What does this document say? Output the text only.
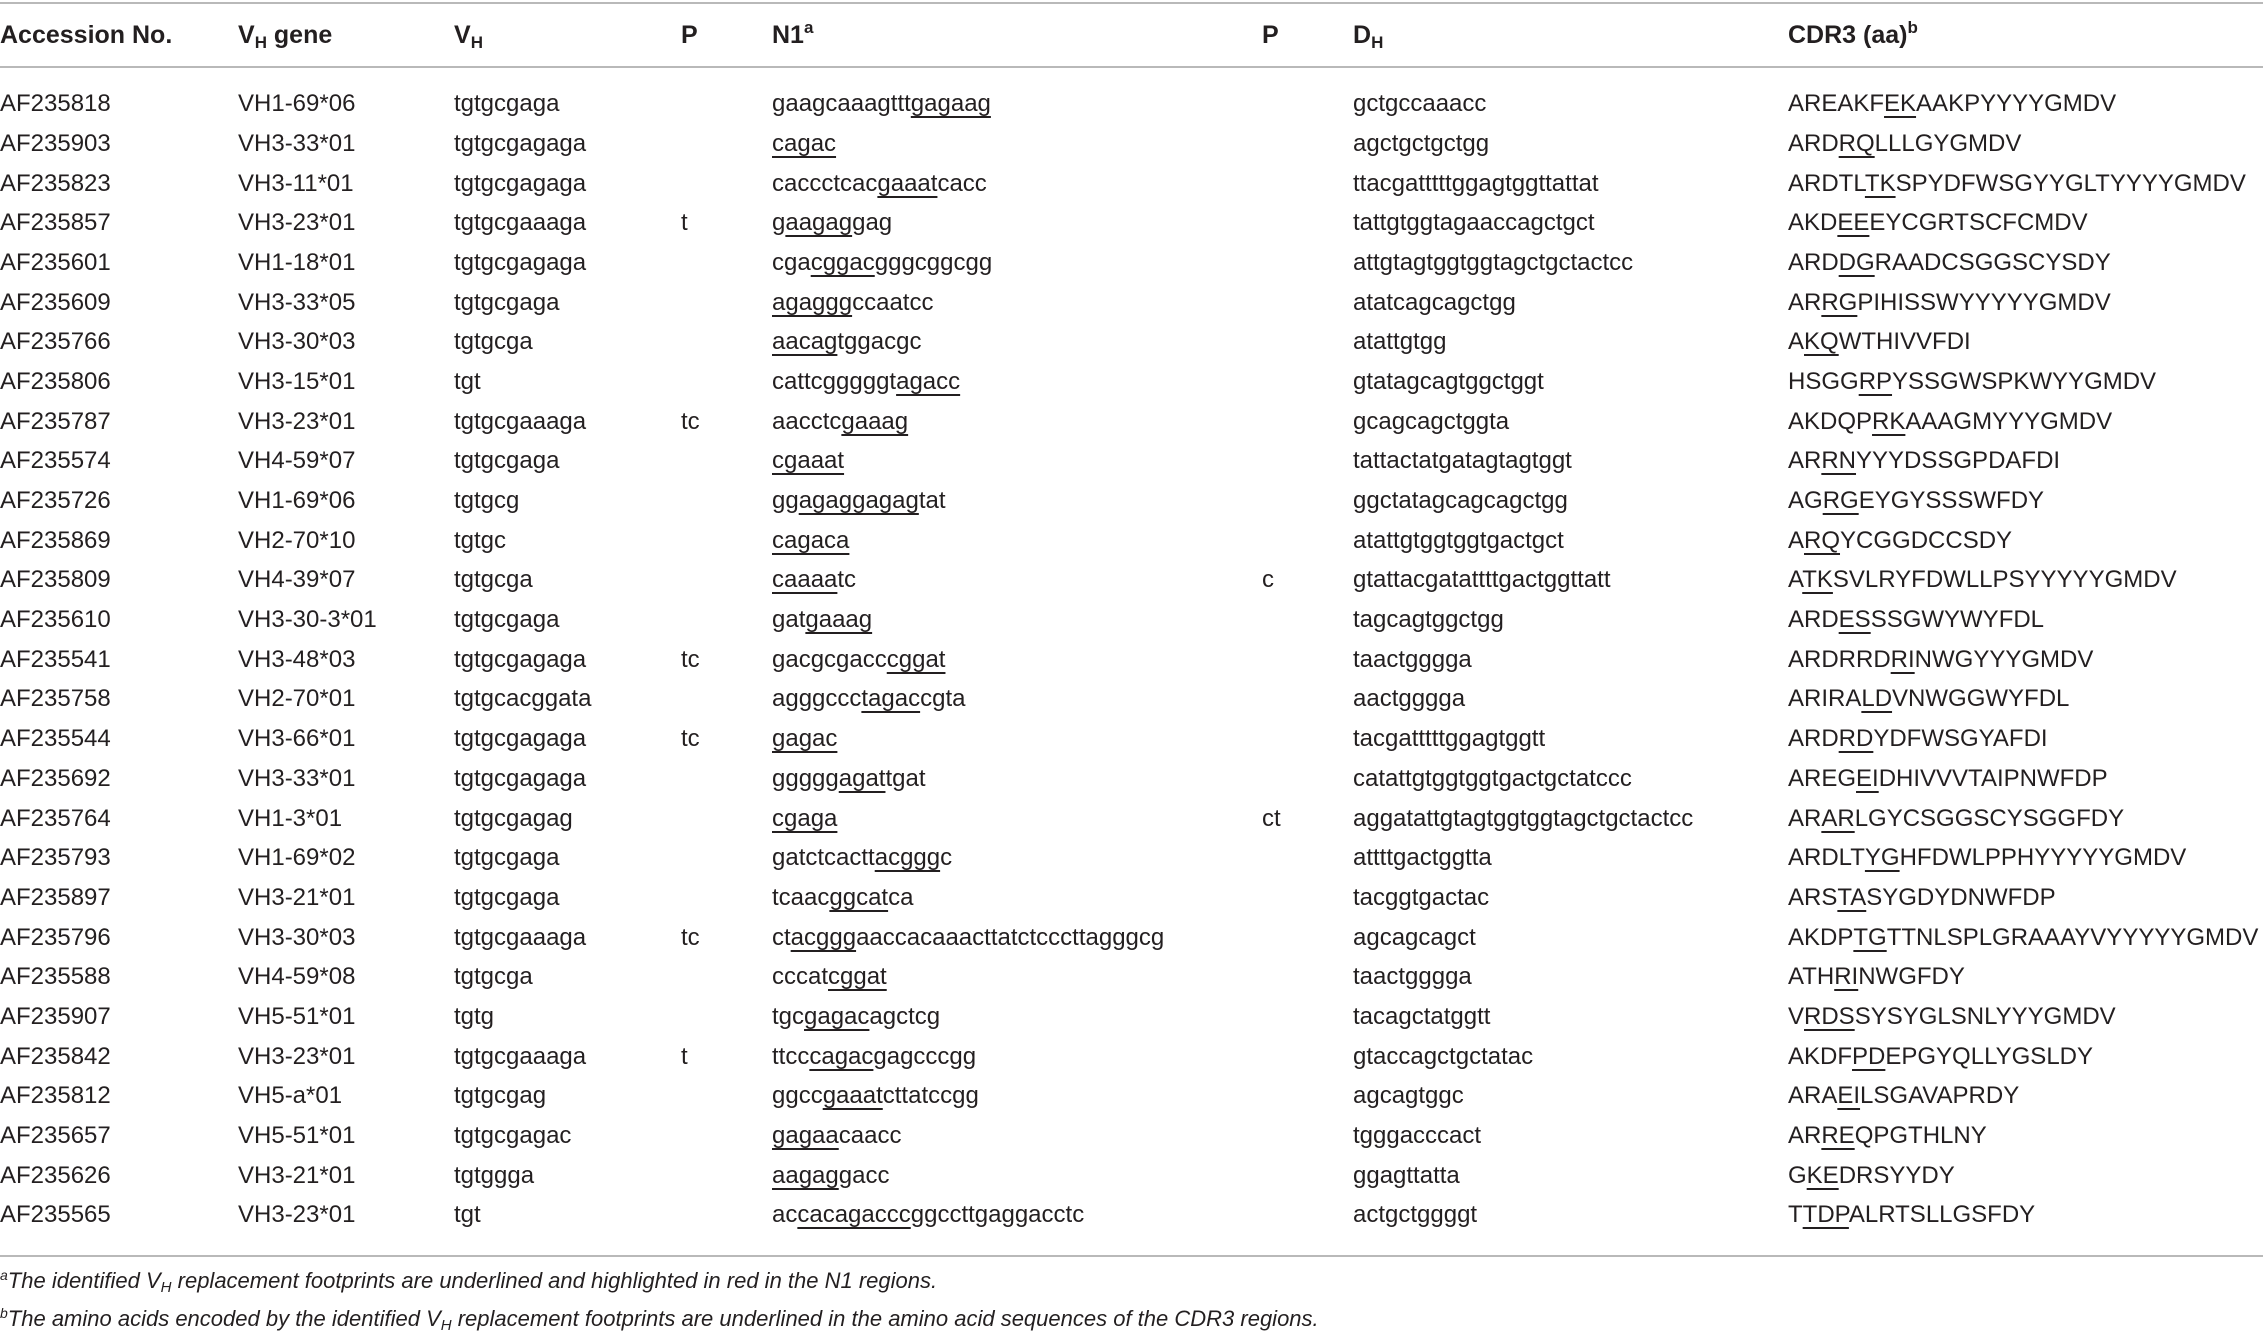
Accession No.	$V_H$ gene	$V_H$	P	N1$^a$	P	$D_H$	CDR3 (aa)$^b$
AF235818	VH1-69*06	tgtgcgaga		gaagcaaagtttgagaag		gctgccaaacc	AREAKFEKAAKPYYYYGMDV
AF235903	VH3-33*01	tgtgcgagaga		cagac		agctgctgctgg	ARDRQLLLGYGMDV
AF235823	VH3-11*01	tgtgcgagaga		caccctcacgaaatcacc		ttacgatttttggagtggttattat	ARDTLTKSPYDFWSGYYGLTYYYYGMDV
AF235857	VH3-23*01	tgtgcgaaaga	t	gaagaggag		tattgtggtagaaccagctgct	AKDEEEYCGRTSCFCMDV
AF235601	VH1-18*01	tgtgcgagaga		cgacggacgggcggcgg		attgtagtggtggtagctgctactcc	ARDDGRAADCSGGSCYSDY
AF235609	VH3-33*05	tgtgcgaga		agagggccaatcc		atatcagcagctgg	ARRGPIHISSWYYYYYGMDV
AF235766	VH3-30*03	tgtgcga		aacagtggacgc		atattgtgg	AKQWTHIVVFDI
AF235806	VH3-15*01	tgt		cattcgggggtagacc		gtatagcagtggctggt	HSGGRPYSSGWSPKWYYGMDV
AF235787	VH3-23*01	tgtgcgaaaga	tc	aacctcgaaag		gcagcagctggta	AKDQPRKAAAGMYYYGMDV
AF235574	VH4-59*07	tgtgcgaga		cgaaat		tattactatgatagtagtggt	ARRNYYYDSSGPDAFDI
AF235726	VH1-69*06	tgtgcg		ggagaggagagtat		ggctatagcagcagctgg	AGRGEYGYSSSWFDY
AF235869	VH2-70*10	tgtgc		cagaca		atattgtggtggtgactgct	ARQYCGGDCCSDY
AF235809	VH4-39*07	tgtgcga		caaaatc	c	gtattacgatattttgactggttatt	ATKSVLRYFDWLLPSYYYYYGMDV
AF235610	VH3-30-3*01	tgtgcgaga		gatgaaag		tagcagtggctgg	ARDESSSGWYWYFDL
AF235541	VH3-48*03	tgtgcgagaga	tc	gacgcgacccggat		taactgggga	ARDRRDRINWGYYYGMDV
AF235758	VH2-70*01	tgtgcacggata		agggccctagaccgta		aactgggga	ARIRALDVNWGGWYFDL
AF235544	VH3-66*01	tgtgcgagaga	tc	gagac		tacgatttttggagtggtt	ARDRDYDFWSGYAFDI
AF235692	VH3-33*01	tgtgcgagaga		gggggagattgat		catattgtggtggtgactgctatccc	AREGEIDHIVVVTAIPNWFDP
AF235764	VH1-3*01	tgtgcgagag		cgaga	ct	aggatattgtagtggtggtagctgctactcc	ARARLGYCSGGSCYSGGFDY
AF235793	VH1-69*02	tgtgcgaga		gatctcacttacgggc		attttgactggtta	ARDLTYGHFDWLPPHYYYYYGMDV
AF235897	VH3-21*01	tgtgcgaga		tcaacggcatca		tacggtgactac	ARSTASYGDYDNWFDP
AF235796	VH3-30*03	tgtgcgaaaga	tc	ctacgggaaccacaaacttatctcccttagggcg		agcagcagct	AKDPTGTTNLSPLGRAAAYVYYYYYGMDV
AF235588	VH4-59*08	tgtgcga		cccatcggat		taactgggga	ATHRINWGFDY
AF235907	VH5-51*01	tgtg		tgcgagacagctcg		tacagctatggtt	VRDSSYSYGLSNLYYYGMDV
AF235842	VH3-23*01	tgtgcgaaaga	t	ttcccagacgagcccgg		gtaccagctgctatac	AKDFPDEPGYQLLYGSLDY
AF235812	VH5-a*01	tgtgcgag		ggccgaaatcttatccgg		agcagtggc	ARAEILSGAVAPRDY
AF235657	VH5-51*01	tgtgcgagac		gagaacaacc		tgggacccact	ARREQPGTHLNY
AF235626	VH3-21*01	tgtggga		aagaggacc		ggagttatta	GKEDRSYYDY
AF235565	VH3-23*01	tgt		accacagacccggccttgaggacctc		actgctggggt	TTDPALRTSLLGSFDY
$^a$The identified $V_H$ replacement footprints are underlined and highlighted in red in the N1 regions.
$^b$The amino acids encoded by the identified $V_H$ replacement footprints are underlined in the amino acid sequences of the CDR3 regions.
